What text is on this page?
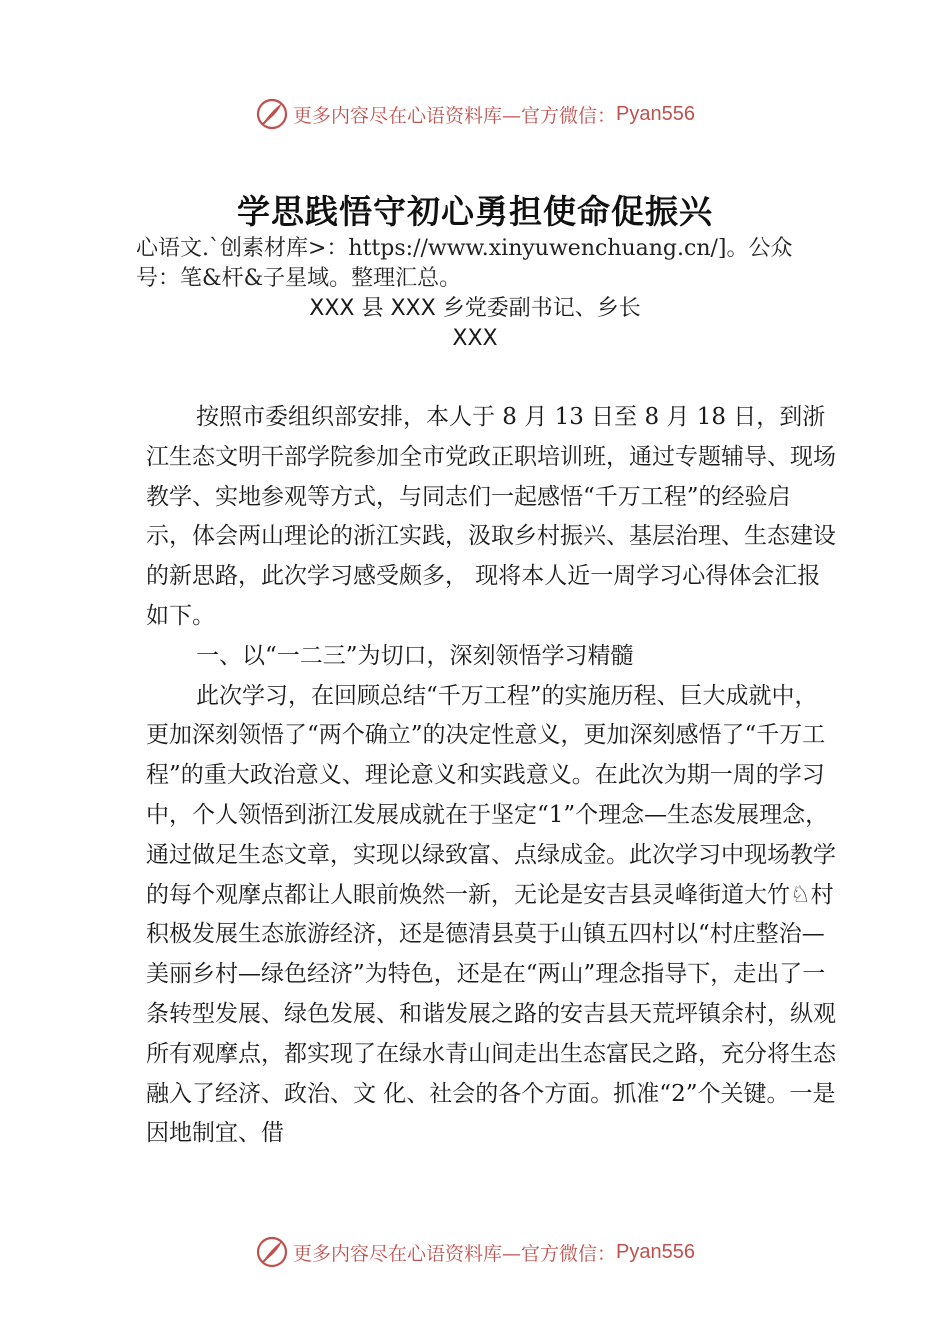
更多内容尽在心语资料库—官方微信： Pyan556
学思践悟守初心勇担使命促振兴
心语文.`创素材库>：https://www.xinyuwenchuang.cn/]。公众号：笔&杆&子星域。整理汇总。
XXX 县 XXX 乡党委副书记、乡长
XXX

按照市委组织部安排，本人于 8 月 13 日至 8 月 18 日，到浙江生态文明干部学院参加全市党政正职培训班，通过专题辅导、现场教学、实地参观等方式，与同志们一起感悟“千万工程”的经验启示，体会两山理论的浙江实践，汲取乡村振兴、基层治理、生态建设的新思路，此次学习感受颇多， 现将本人近一周学习心得体会汇报如下。

一、以“一二三”为切口，深刻领悟学习精髓

此次学习，在回顾总结“千万工程”的实施历程、巨大成就中，更加深刻领悟了“两个确立”的决定性意义，更加深刻感悟了“千万工程”的重大政治意义、理论意义和实践意义。在此次为期一周的学习中，个人领悟到浙江发展成就在于坚定“1”个理念—生态发展理念，通过做足生态文章，实现以绿致富、点绿成金。此次学习中现场教学的每个观摩点都让人眼前焕然一新，无论是安吉县灵峰街道大竹♘村积极发展生态旅游经济，还是德清县莫于山镇五四村以“村庄整治—美丽乡村—绿色经济”为特色，还是在“两山”理念指导下，走出了一条转型发展、绿色发展、和谐发展之路的安吉县天荒坪镇余村，纵观所有观摩点，都实现了在绿水青山间走出生态富民之路，充分将生态融入了经济、政治、文 化、社会的各个方面。抓准“2”个关键。一是因地制宜、借

更多内容尽在心语资料库—官方微信： Pyan556
